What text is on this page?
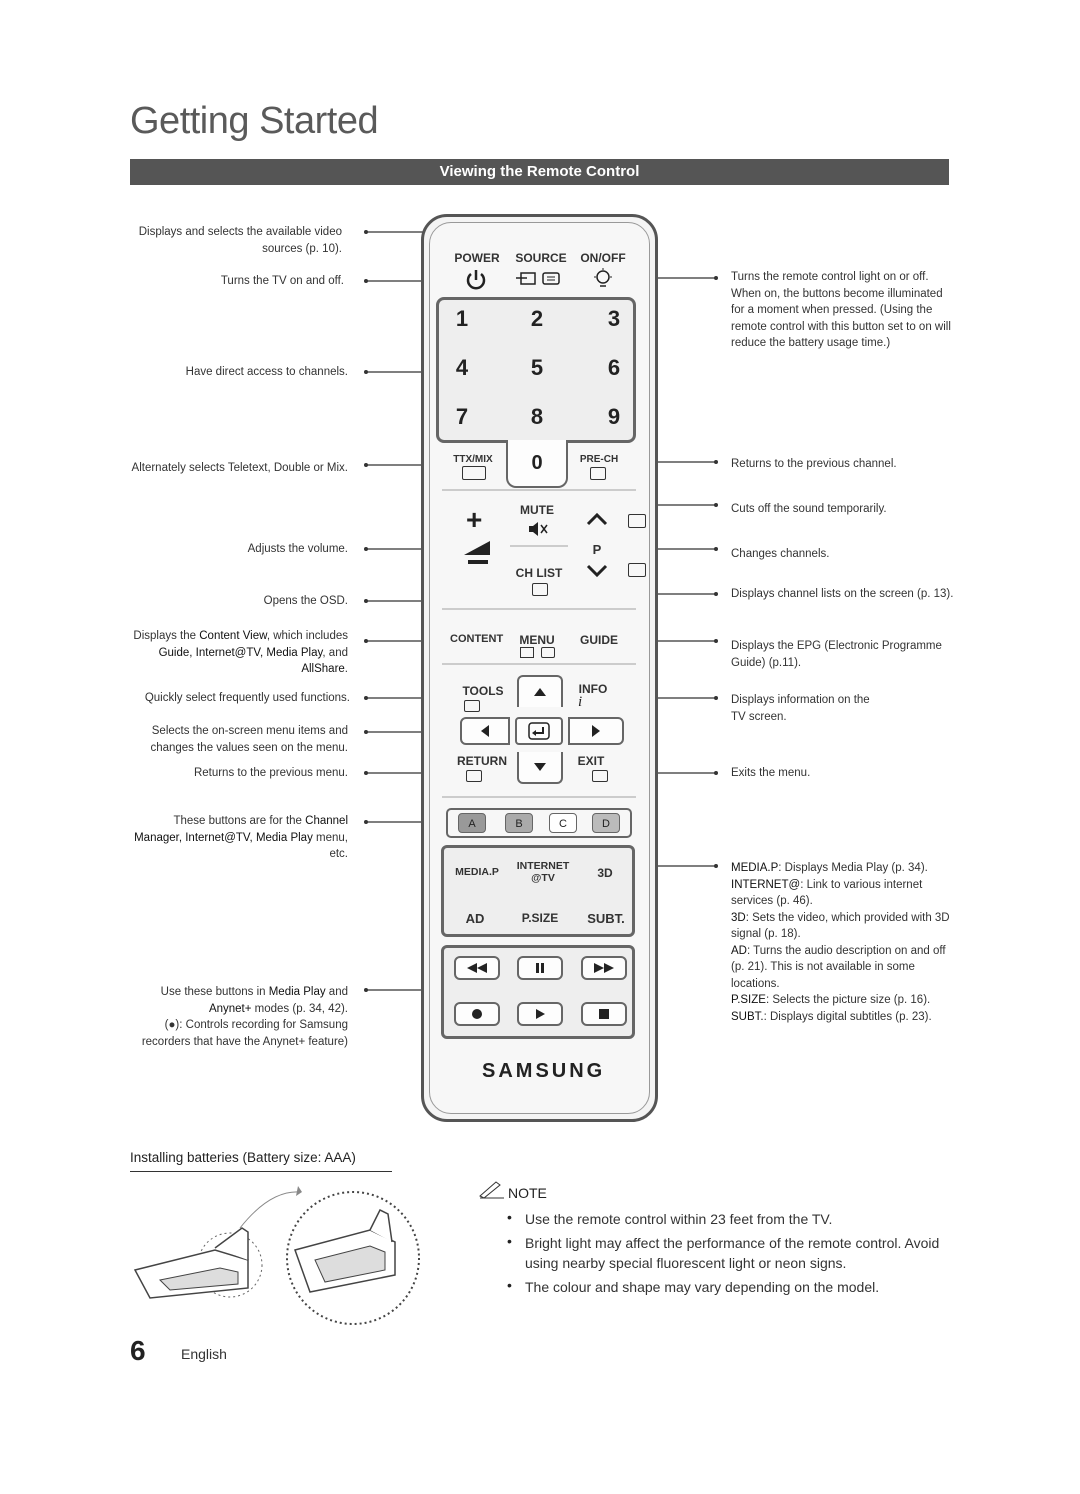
Getting Started
Viewing the Remote Control
Displays and selects the available video sources (p. 10).
Turns the TV on and off.
Have direct access to channels.
Alternately selects Teletext, Double or Mix.
Adjusts the volume.
Opens the OSD.
Displays the Content View, which includes Guide, Internet@TV, Media Play, and AllShare.
Quickly select frequently used functions.
Selects the on-screen menu items and changes the values seen on the menu.
Returns to the previous menu.
These buttons are for the Channel Manager, Internet@TV, Media Play menu, etc.
Use these buttons in Media Play and Anynet+ modes (p. 34, 42).
(●): Controls recording for Samsung recorders that have the Anynet+ feature)
Turns the remote control light on or off. When on, the buttons become illuminated for a moment when pressed. (Using the remote control with this button set to on will reduce the battery usage time.)
Returns to the previous channel.
Cuts off the sound temporarily.
Changes channels.
Displays channel lists on the screen (p. 13).
Displays the EPG (Electronic Programme Guide) (p.11).
Displays information on the TV screen.
Exits the menu.
MEDIA.P: Displays Media Play (p. 34).
INTERNET@: Link to various internet services (p. 46).
3D: Sets the video, which provided with 3D signal (p. 18).
AD: Turns the audio description on and off (p. 21). This is not available in some locations.
P.SIZE: Selects the picture size (p. 16).
SUBT.: Displays digital subtitles (p. 23).
POWER SOURCE ON/OFF
1	2	3
4	5	6
7	8	9
0
TTX/MIX	PRE-CH
MUTE
+
P
CH LIST
CONTENT MENU	GUIDE
TOOLS	INFO
i
RETURN	EXIT
A	B	C	D
MEDIA.P	INTERNET
@TV	3D
AD	P.SIZE	SUBT.
SAMSUNG
Installing batteries (Battery size: AAA)
NOTE
• Use the remote control within 23 feet from the TV.
• Bright light may affect the performance of the remote control. Avoid using nearby special fluorescent light or neon signs.
• The colour and shape may vary depending on the model.
6	English
